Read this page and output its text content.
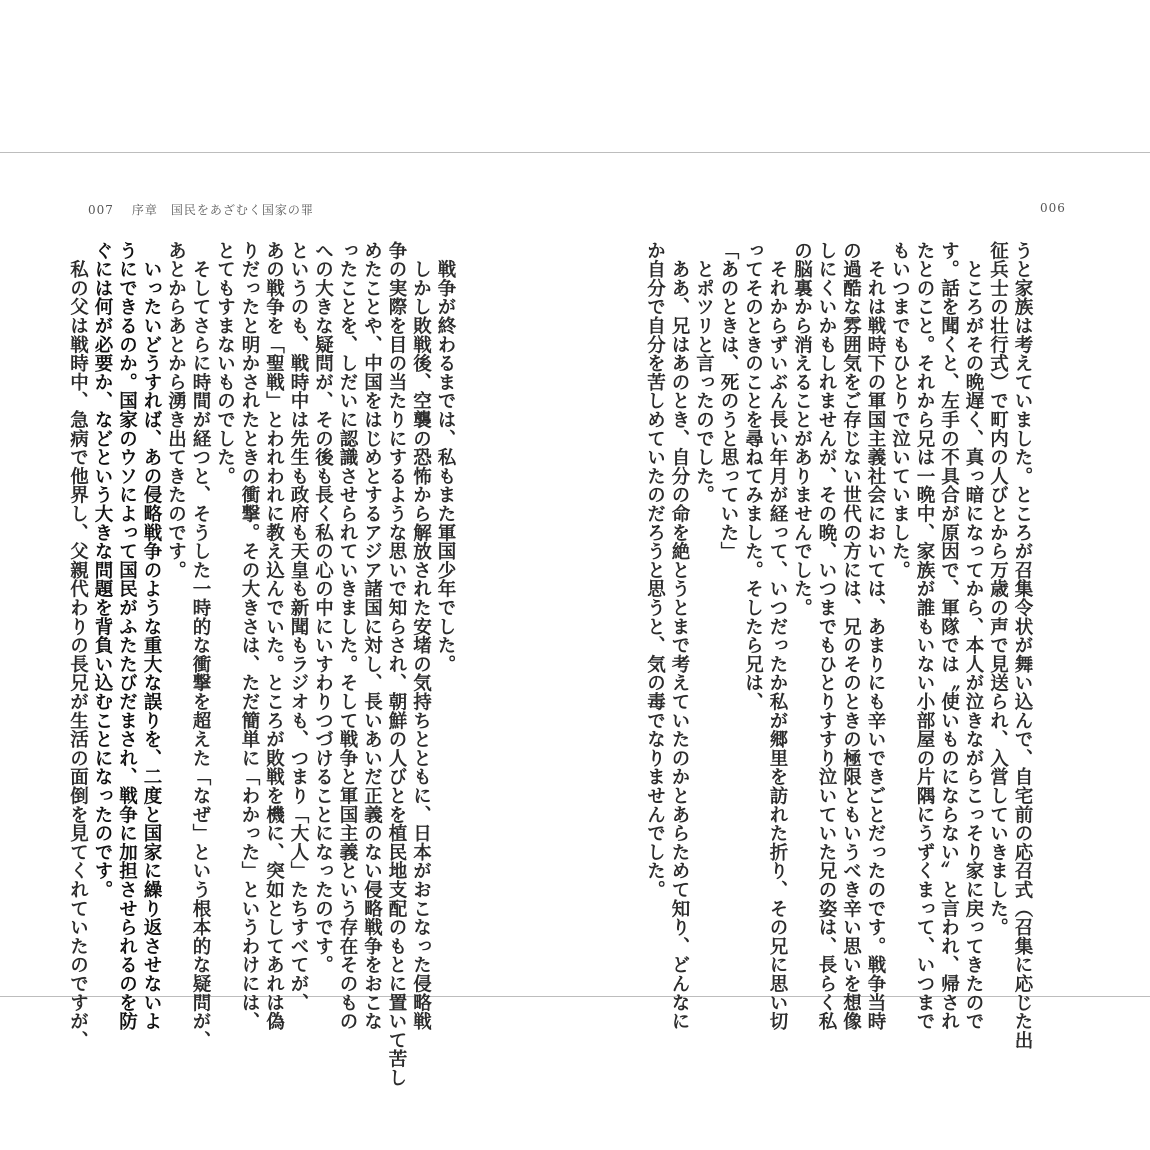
007 序章　国民をあざむく国家の罪	006

うと家族は考えていました。ところが召集令状が舞い込んで、自宅前の応召式（召集に応じた出

征兵士の壮行式）で町内の人びとから万歳の声で見送られ、入営していきました。

　ところがその晩遅く、真っ暗になってから、本人が泣きながらこっそり家に戻ってきたので

す。話を聞くと、左手の不具合が原因で、軍隊では〝使いものにならない〟と言われ、帰され

たとのこと。それから兄は一晩中、家族が誰もいない小部屋の片隅にうずくまって、いつまで

もいつまでもひとりで泣いていました。

　それは戦時下の軍国主義社会においては、あまりにも辛いできごとだったのです。戦争当時

の過酷な雰囲気をご存じない世代の方には、兄のそのときの極限ともいうべき辛い思いを想像

しにくいかもしれませんが、その晩、いつまでもひとりすすり泣いていた兄の姿は、長らく私

の脳裏から消えることがありませんでした。

　それからずいぶん長い年月が経って、いつだったか私が郷里を訪れた折り、その兄に思い切

ってそのときのことを尋ねてみました。そしたら兄は、

「あのときは、死のうと思っていた」

　とポツリと言ったのでした。

　ああ、兄はあのとき、自分の命を絶とうとまで考えていたのかとあらためて知り、どんなに

か自分で自分を苦しめていたのだろうと思うと、気の毒でなりませんでした。

　戦争が終わるまでは、私もまた軍国少年でした。

　しかし敗戦後、空襲の恐怖から解放された安堵の気持ちとともに、日本がおこなった侵略戦

争の実際を目の当たりにするような思いで知らされ、朝鮮の人びとを植民地支配のもとに置いて苦し

めたことや、中国をはじめとするアジア諸国に対し、長いあいだ正義のない侵略戦争をおこな

ったことを、しだいに認識させられていきました。そして戦争と軍国主義という存在そのもの

への大きな疑問が、その後も長く私の心の中にいすわりつづけることになったのです。

というのも、戦時中は先生も政府も天皇も新聞もラジオも、つまり「大人」たちすべてが、

あの戦争を「聖戦」とわれわれに教え込んでいた。ところが敗戦を機に、突如としてあれは偽

りだったと明かされたときの衝撃。その大きさは、ただ簡単に「わかった」というわけには、

とてもすまないものでした。

　そしてさらに時間が経つと、そうした一時的な衝撃を超えた「なぜ」という根本的な疑問が、

あとからあとから湧き出てきたのです。

　いったいどうすれば、あの侵略戦争のような重大な誤りを、二度と国家に繰り返させないよ

うにできるのか。国家のウソによって国民がふたたびだまされ、戦争に加担させられるのを防

ぐには何が必要か、などという大きな問題を背負い込むことになったのです。

　私の父は戦時中、急病で他界し、父親代わりの長兄が生活の面倒を見てくれていたのですが、
